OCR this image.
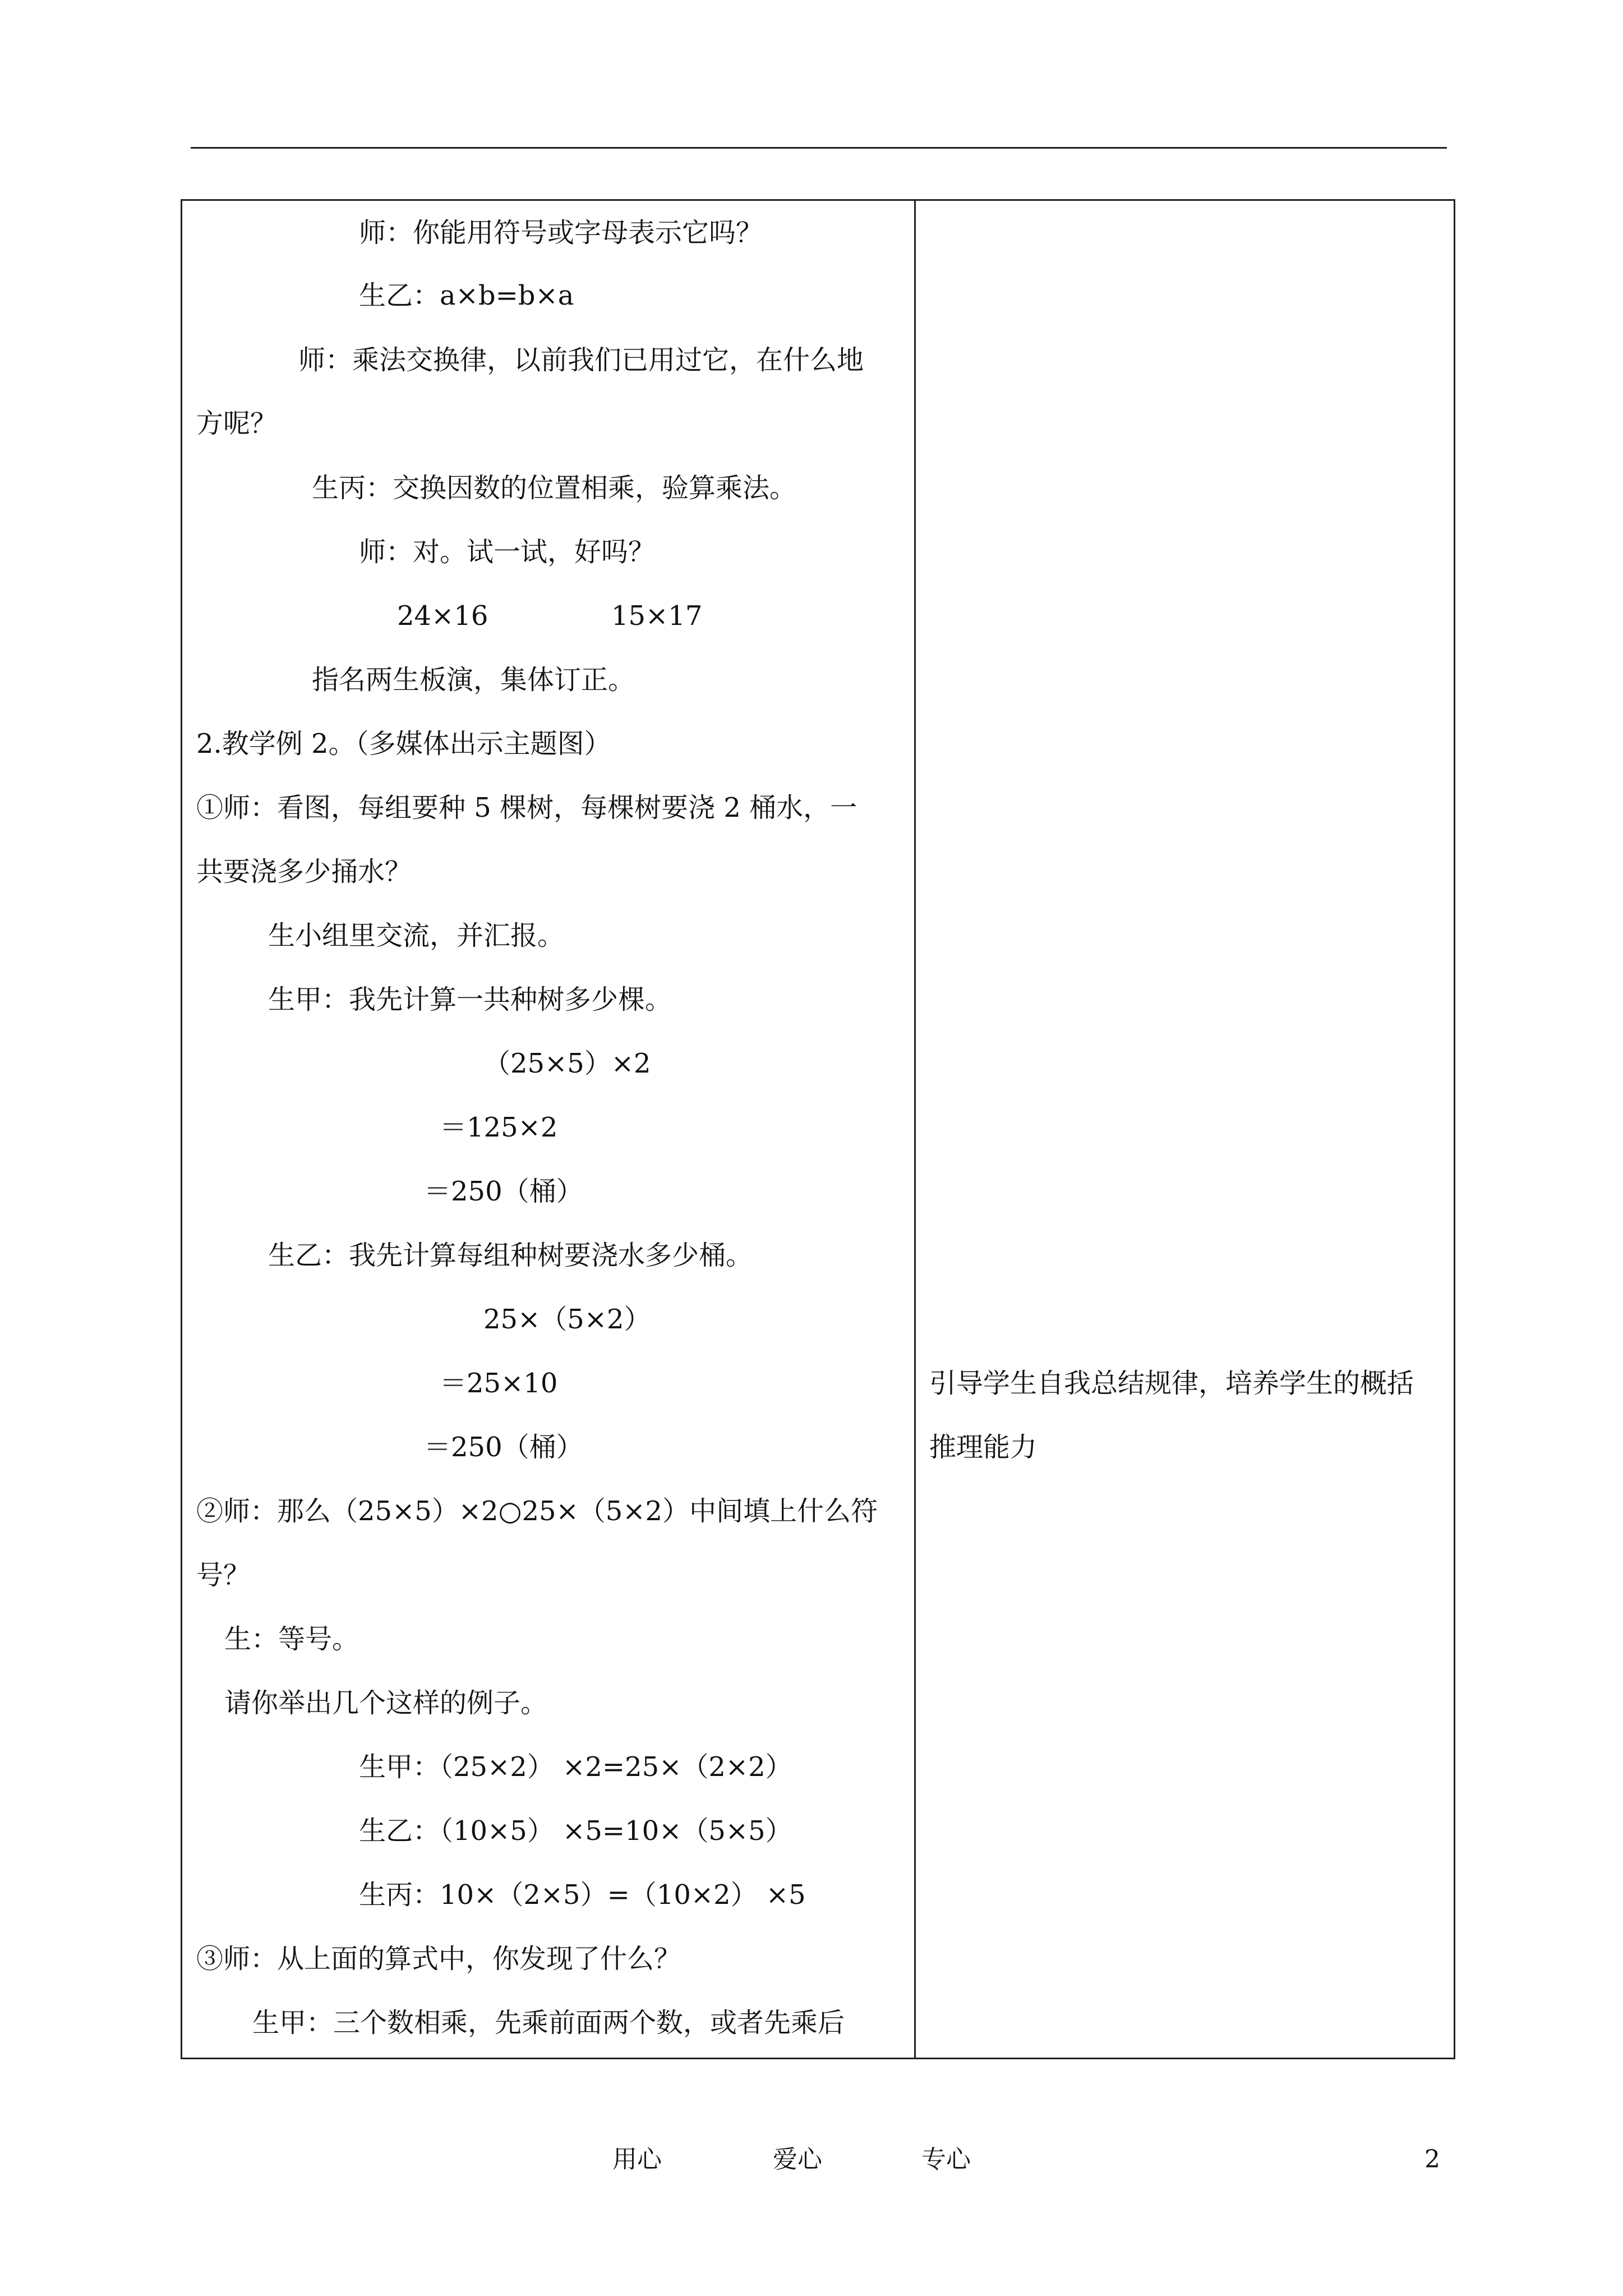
师：你能用符号或字母表示它吗？
生乙：a×b=b×a
师：乘法交换律，以前我们已用过它，在什么地
方呢？
生丙：交换因数的位置相乘，验算乘法。
师：对。试一试，好吗？
24×16	15×17
指名两生板演，集体订正。
2.教学例 2。（多媒体出示主题图）
①师：看图，每组要种 5 棵树，每棵树要浇 2 桶水，一
共要浇多少捅水？
生小组里交流，并汇报。
生甲：我先计算一共种树多少棵。
（25×5）×2
＝125×2
＝250（桶）
生乙：我先计算每组种树要浇水多少桶。
25×（5×2）
＝25×10
＝250（桶）
②师：那么（25×5）×2○25×（5×2）中间填上什么符
号？
生：等号。
请你举出几个这样的例子。
生甲：（25×2） ×2=25×（2×2）
生乙：（10×5） ×5=10×（5×5）
生丙：10×（2×5）=（10×2） ×5
③师：从上面的算式中，你发现了什么？
生甲：三个数相乘，先乘前面两个数，或者先乘后
引导学生自我总结规律，培养学生的概括
推理能力
用心	爱心	专心	2
